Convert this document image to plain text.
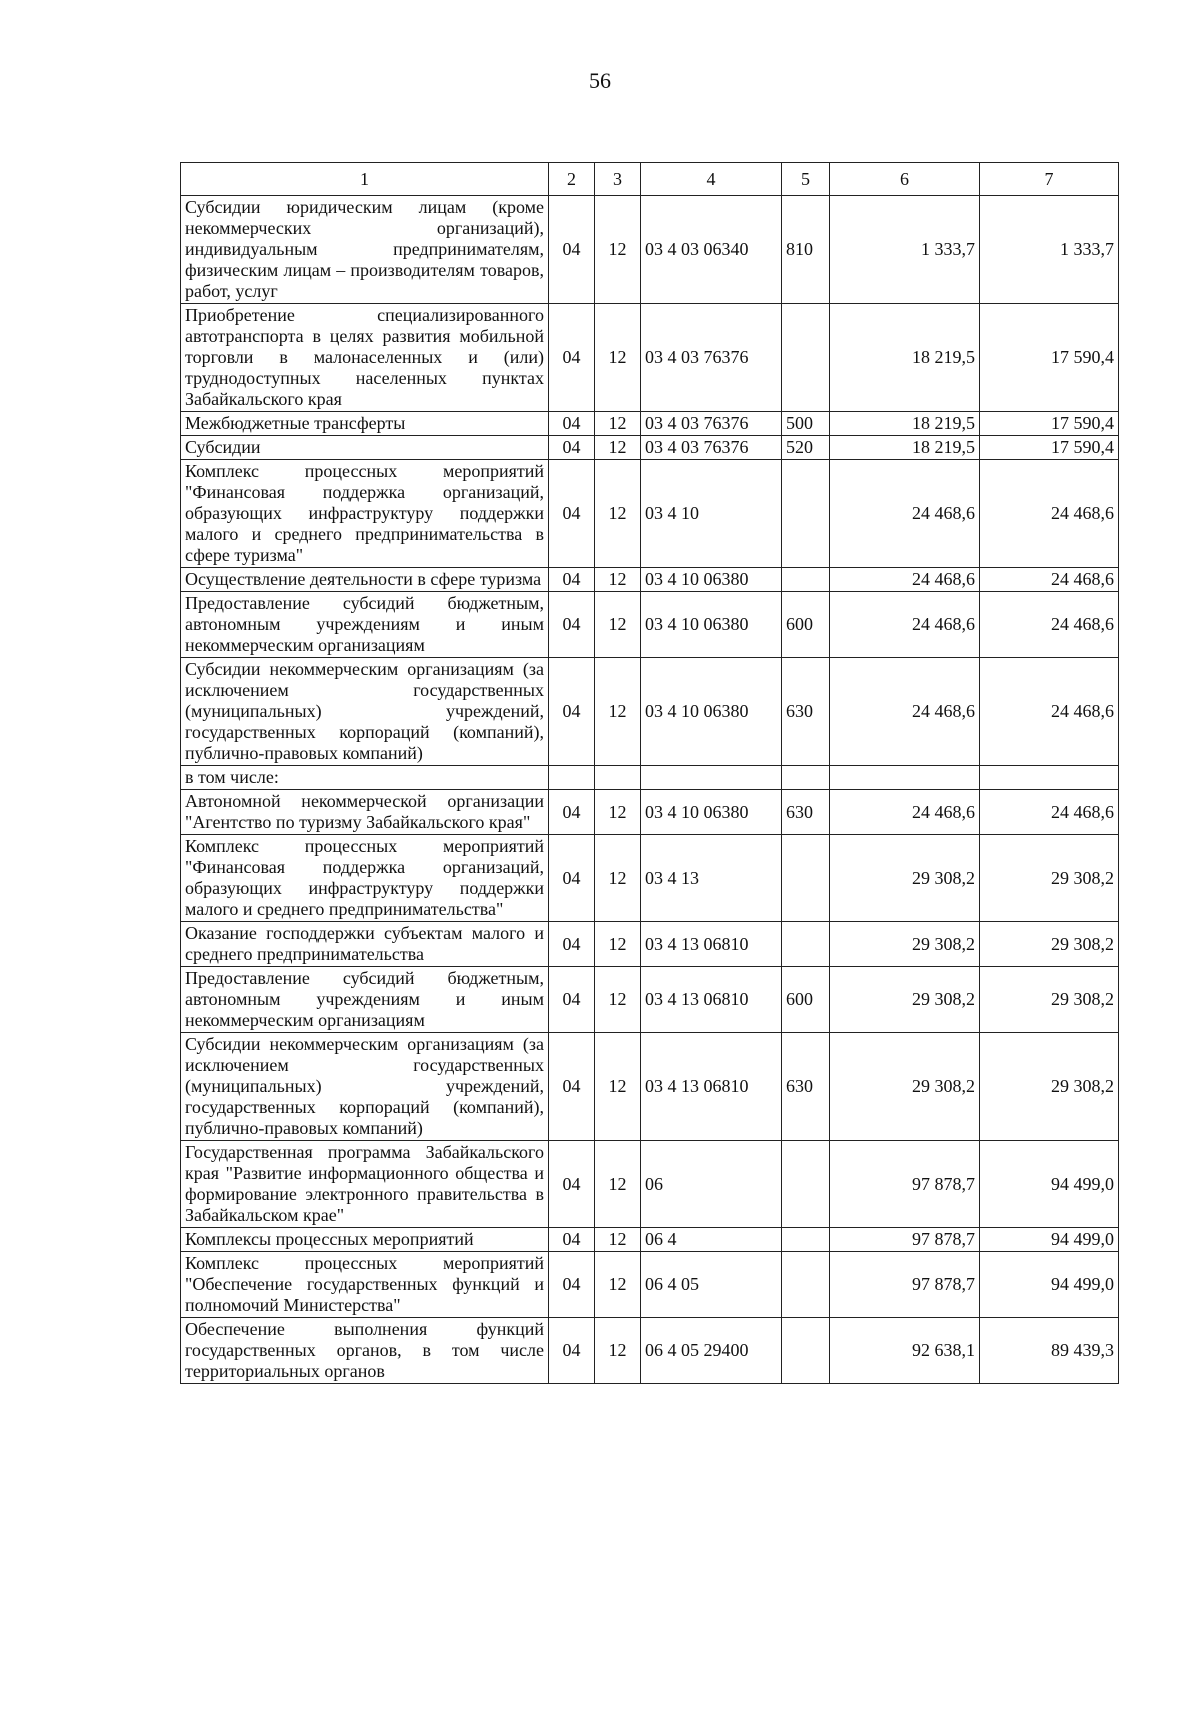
56
1	2	3	4	5	6	7
Субсидии юридическим лицам (кроме некоммерческих организаций), индивидуальным предпринимателям, физическим лицам – производителям товаров, работ, услуг	04	12	03 4 03 06340	810	1 333,7	1 333,7
Приобретение специализированного автотранспорта в целях развития мобильной торговли в малонаселенных и (или) труднодоступных населенных пунктах Забайкальского края	04	12	03 4 03 76376		18 219,5	17 590,4
Межбюджетные трансферты	04	12	03 4 03 76376	500	18 219,5	17 590,4
Субсидии	04	12	03 4 03 76376	520	18 219,5	17 590,4
Комплекс процессных мероприятий "Финансовая поддержка организаций, образующих инфраструктуру поддержки малого и среднего предпринимательства в сфере туризма"	04	12	03 4 10		24 468,6	24 468,6
Осуществление деятельности в сфере туризма	04	12	03 4 10 06380		24 468,6	24 468,6
Предоставление субсидий бюджетным, автономным учреждениям и иным некоммерческим организациям	04	12	03 4 10 06380	600	24 468,6	24 468,6
Субсидии некоммерческим организациям (за исключением государственных (муниципальных) учреждений, государственных корпораций (компаний), публично-правовых компаний)	04	12	03 4 10 06380	630	24 468,6	24 468,6
в том числе:						
Автономной некоммерческой организации "Агентство по туризму Забайкальского края"	04	12	03 4 10 06380	630	24 468,6	24 468,6
Комплекс процессных мероприятий "Финансовая поддержка организаций, образующих инфраструктуру поддержки малого и среднего предпринимательства"	04	12	03 4 13		29 308,2	29 308,2
Оказание господдержки субъектам малого и среднего предпринимательства	04	12	03 4 13 06810		29 308,2	29 308,2
Предоставление субсидий бюджетным, автономным учреждениям и иным некоммерческим организациям	04	12	03 4 13 06810	600	29 308,2	29 308,2
Субсидии некоммерческим организациям (за исключением государственных (муниципальных) учреждений, государственных корпораций (компаний), публично-правовых компаний)	04	12	03 4 13 06810	630	29 308,2	29 308,2
Государственная программа Забайкальского края "Развитие информационного общества и формирование электронного правительства в Забайкальском крае"	04	12	06		97 878,7	94 499,0
Комплексы процессных мероприятий	04	12	06 4		97 878,7	94 499,0
Комплекс процессных мероприятий "Обеспечение государственных функций и полномочий Министерства"	04	12	06 4 05		97 878,7	94 499,0
Обеспечение выполнения функций государственных органов, в том числе территориальных органов	04	12	06 4 05 29400		92 638,1	89 439,3
